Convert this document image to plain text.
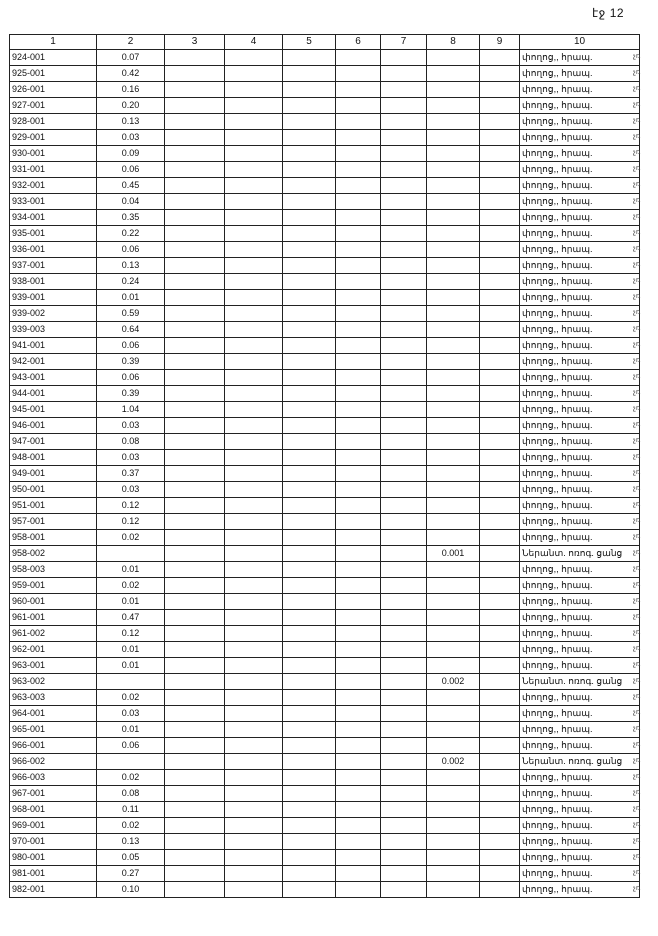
էջ 12
1	2	3	4	5	6	7	8	9	10
924-001	0.07								փողոց,, հրապ.
925-001	0.42								փողոց,, հրապ.
926-001	0.16								փողոց,, հրապ.
927-001	0.20								փողոց,, հրապ.
928-001	0.13								փողոց,, հրապ.
929-001	0.03								փողոց,, հրապ.
930-001	0.09								փողոց,, հրապ.
931-001	0.06								փողոց,, հրապ.
932-001	0.45								փողոց,, հրապ.
933-001	0.04								փողոց,, հրապ.
934-001	0.35								փողոց,, հրապ.
935-001	0.22								փողոց,, հրապ.
936-001	0.06								փողոց,, հրապ.
937-001	0.13								փողոց,, հրապ.
938-001	0.24								փողոց,, հրապ.
939-001	0.01								փողոց,, հրապ.
939-002	0.59								փողոց,, հրապ.
939-003	0.64								փողոց,, հրապ.
941-001	0.06								փողոց,, հրապ.
942-001	0.39								փողոց,, հրապ.
943-001	0.06								փողոց,, հրապ.
944-001	0.39								փողոց,, հրապ.
945-001	1.04								փողոց,, հրապ.
946-001	0.03								փողոց,, հրապ.
947-001	0.08								փողոց,, հրապ.
948-001	0.03								փողոց,, հրապ.
949-001	0.37								փողոց,, հրապ.
950-001	0.03								փողոց,, հրապ.
951-001	0.12								փողոց,, հրապ.
957-001	0.12								փողոց,, հրապ.
958-001	0.02								փողոց,, հրապ.
958-002							0.001		Ներանտ. ոռոգ. ցանց
958-003	0.01								փողոց,, հրապ.
959-001	0.02								փողոց,, հրապ.
960-001	0.01								փողոց,, հրապ.
961-001	0.47								փողոց,, հրապ.
961-002	0.12								փողոց,, հրապ.
962-001	0.01								փողոց,, հրապ.
963-001	0.01								փողոց,, հրապ.
963-002							0.002		Ներանտ. ոռոգ. ցանց
963-003	0.02								փողոց,, հրապ.
964-001	0.03								փողոց,, հրապ.
965-001	0.01								փողոց,, հրապ.
966-001	0.06								փողոց,, հրապ.
966-002							0.002		Ներանտ. ոռոգ. ցանց
966-003	0.02								փողոց,, հրապ.
967-001	0.08								փողոց,, հրապ.
968-001	0.11								փողոց,, հրապ.
969-001	0.02								փողոց,, հրապ.
970-001	0.13								փողոց,, հրապ.
980-001	0.05								փողոց,, հրապ.
981-001	0.27								փողոց,, հրապ.
982-001	0.10								փողոց,, հրապ.
չռ
չռ
չռ
չռ
չռ
չռ
չռ
չռ
չռ
չռ
չռ
չռ
չռ
չռ
չռ
չռ
չռ
չռ
չռ
չռ
չռ
չռ
չռ
չռ
չռ
չռ
չռ
չռ
չռ
չռ
չռ
չռ
չռ
չռ
չռ
չռ
չռ
չռ
չռ
չռ
չռ
չռ
չռ
չռ
չռ
չռ
չռ
չռ
չռ
չռ
չռ
չռ
չռ
